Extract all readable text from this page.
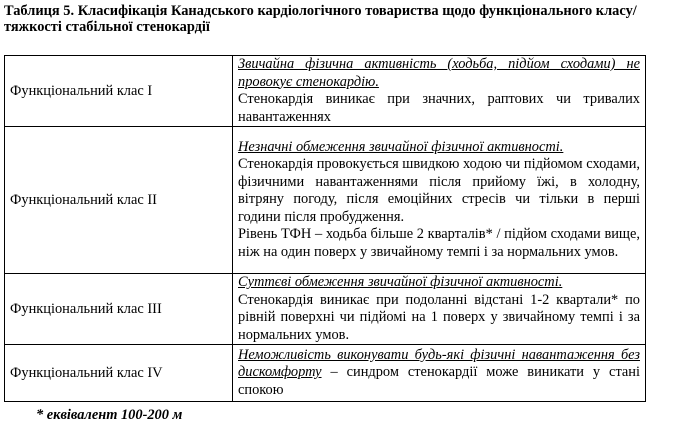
Таблиця 5. Класифікація Канадського кардіологічного товариства щодо функціонального класу/тяжкості стабільної стенокардії
Функціональний клас I	Звичайна фізична активність (ходьба, підйом сходами) не провокує стенокардію.
Стенокардія виникає при значних, раптових чи тривалих навантаженнях

Функціональний клас II	Незначні обмеження звичайної фізичної активності.
Стенокардія провокується швидкою ходою чи підйомом сходами, фізичними навантаженнями після прийому їжі, в холодну, вітряну погоду, після емоційних стресів чи тільки в перші години після пробудження.
Рівень ТФН – ходьба більше 2 кварталів* / підйом сходами вище, ніж на один поверх у звичайному темпі і за нормальних умов.

Функціональний клас III	Суттєві обмеження звичайної фізичної активності.
Стенокардія виникає при подоланні відстані 1-2 квартали* по рівній поверхні чи підйомі на 1 поверх у звичайному темпі і за нормальних умов.

Функціональний клас IV	Неможливість виконувати будь-які фізичні навантаження без дискомфорту – синдром стенокардії може виникати у стані спокою
* еквівалент 100-200 м
